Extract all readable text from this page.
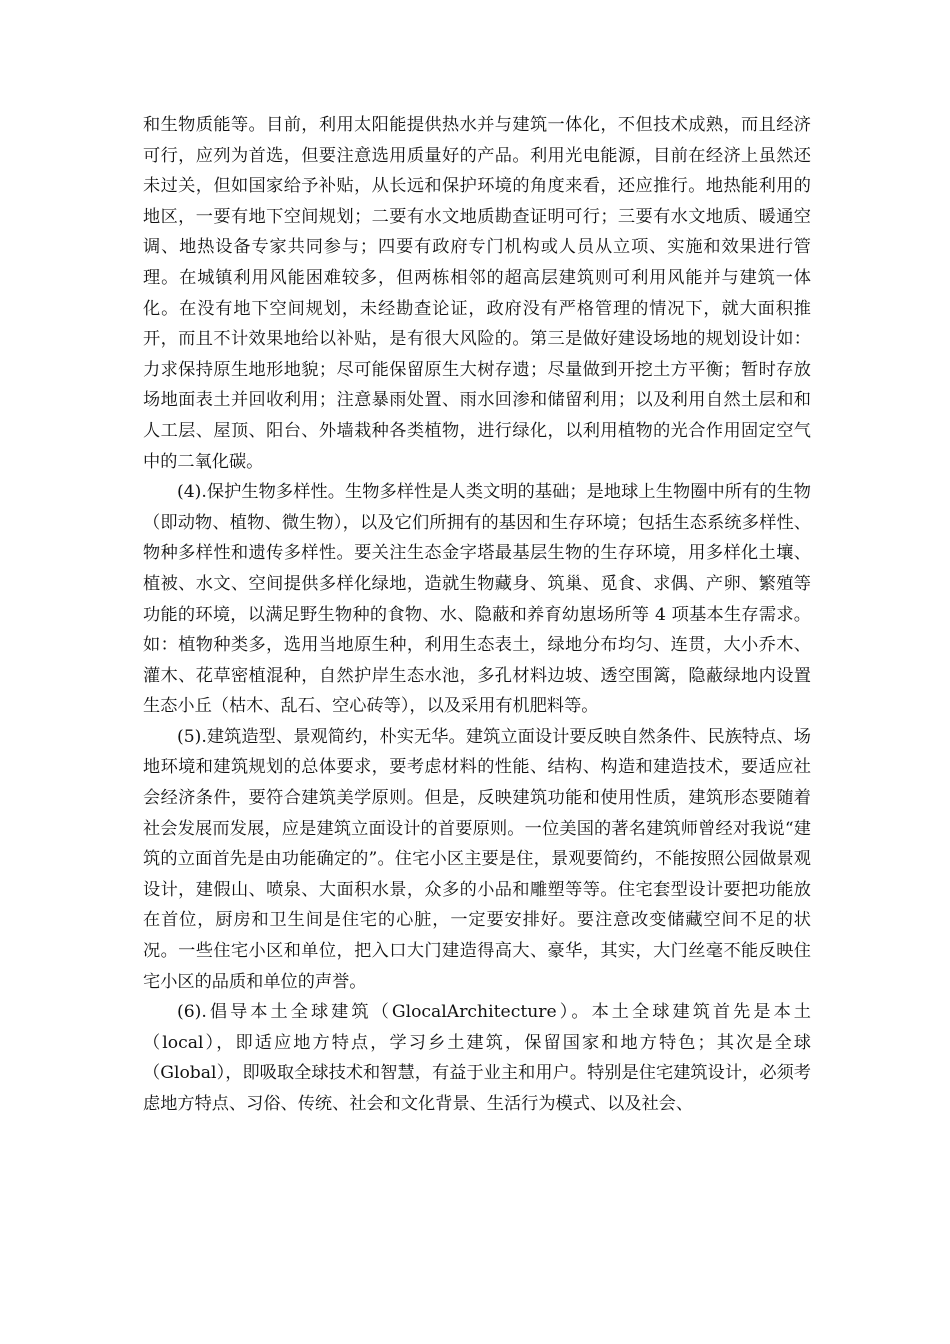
和生物质能等。目前，利用太阳能提供热水并与建筑一体化，不但技术成熟，而且经济可行，应列为首选，但要注意选用质量好的产品。利用光电能源，目前在经济上虽然还未过关，但如国家给予补贴，从长远和保护环境的角度来看，还应推行。地热能利用的地区，一要有地下空间规划；二要有水文地质勘查证明可行；三要有水文地质、暖通空调、地热设备专家共同参与；四要有政府专门机构或人员从立项、实施和效果进行管理。在城镇利用风能困难较多，但两栋相邻的超高层建筑则可利用风能并与建筑一体化。在没有地下空间规划，未经勘查论证，政府没有严格管理的情况下，就大面积推开，而且不计效果地给以补贴，是有很大风险的。第三是做好建设场地的规划设计如：力求保持原生地形地貌；尽可能保留原生大树存遗；尽量做到开挖土方平衡；暂时存放场地面表土并回收利用；注意暴雨处置、雨水回渗和储留利用；以及利用自然土层和和人工层、屋顶、阳台、外墙栽种各类植物，进行绿化，以利用植物的光合作用固定空气中的二氧化碳。

(4).保护生物多样性。生物多样性是人类文明的基础；是地球上生物圈中所有的生物（即动物、植物、微生物），以及它们所拥有的基因和生存环境；包括生态系统多样性、物种多样性和遗传多样性。要关注生态金字塔最基层生物的生存环境，用多样化土壤、植被、水文、空间提供多样化绿地，造就生物藏身、筑巢、觅食、求偶、产卵、繁殖等功能的环境，以满足野生物种的食物、水、隐蔽和养育幼崽场所等 4 项基本生存需求。如：植物种类多，选用当地原生种，利用生态表土，绿地分布均匀、连贯，大小乔木、灌木、花草密植混种，自然护岸生态水池，多孔材料边坡、透空围篱，隐蔽绿地内设置生态小丘（枯木、乱石、空心砖等），以及采用有机肥料等。

(5).建筑造型、景观简约，朴实无华。建筑立面设计要反映自然条件、民族特点、场地环境和建筑规划的总体要求，要考虑材料的性能、结构、构造和建造技术，要适应社会经济条件，要符合建筑美学原则。但是，反映建筑功能和使用性质，建筑形态要随着社会发展而发展，应是建筑立面设计的首要原则。一位美国的著名建筑师曾经对我说“建筑的立面首先是由功能确定的”。住宅小区主要是住，景观要简约，不能按照公园做景观设计，建假山、喷泉、大面积水景，众多的小品和雕塑等等。住宅套型设计要把功能放在首位，厨房和卫生间是住宅的心脏，一定要安排好。要注意改变储藏空间不足的状况。一些住宅小区和单位，把入口大门建造得高大、豪华，其实，大门丝毫不能反映住宅小区的品质和单位的声誉。

(6).倡导本土全球建筑（GlocalArchitecture）。本土全球建筑首先是本土（local），即适应地方特点，学习乡土建筑，保留国家和地方特色；其次是全球（Global），即吸取全球技术和智慧，有益于业主和用户。特别是住宅建筑设计，必须考虑地方特点、习俗、传统、社会和文化背景、生活行为模式、以及社会、
